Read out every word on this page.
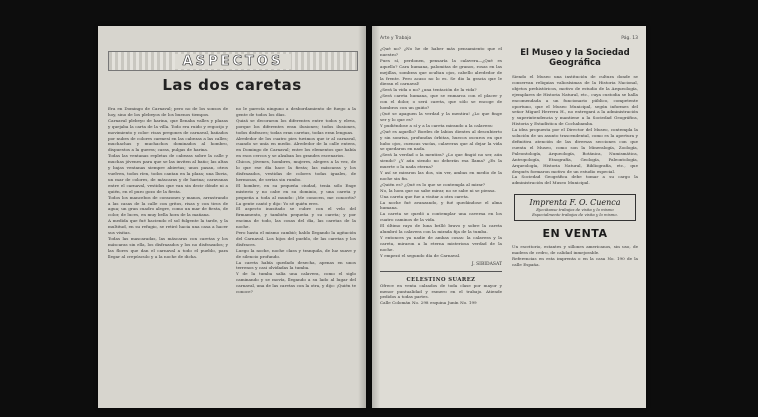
ASPECTOS
Las dos caretas

Era en Domingo de Carnaval; pero no de los sonsos de hoy, sino de los plebeyos de los buenos tiempos.

Carnaval plebeyo de harina, que llenaba valles y plazas y quejaba la carta de la villa. Todo era ruido y regocijo y movimiento y color: risas pregones de carnaval, bañados por nubes de colores carmesí en las cabezas a las calles; muchachas y muchachos dominados al hombro, dispuestos a la guerra; caras, pulgas de harina.

Todas las ventanas repletas de cabezas sobre la calle y muchas jóvenes para que se las inviten al baño; las altas y bajas ventanas siempre abiertas; unos pasan, otros vuelven, todos ríen, todos cantan en la plaza; una lluvia, un mar de colores, de máscaras y de harina; caravanas entre el carnaval, vestidos que van sin decir dónde ni a quién, en el puro gozo de la fiesta.

Todos los mancebos de corazones y manos, arrastrando a las casas de la calle con gritos, risas y con tiros de agua; un gran cuadro alegre, como un mar de fiesta, de color, de luces, en muy bella hora de la mañana.

A medida que fué haciendo el sol fulgente la tarde, y la multitud, en su refugio, se retiró hacia una casa a hacer sus visitas.

Todas las mascaradas, las máscaras con caretas y los máscaras sin ella, los disfrazados y los no disfrazados; y las flores que dan el carnaval a todo el pueblo, para llegar al crepúsculo y a la noche de dicha.

no le parecía ninguno a desbordamiento de fuego a la gente de todos los días.

Quizá se decoraron los diferentes entre todos y eleva, porque los diferentes eran ilusiones; todos ilusiones, todos disfraces; todas eran caretas, todas eran lenguas.

Alrededor de los cuatro pies tuvimos que ir al carnaval, cuando se unía en medio. Alrededor de la calle entera, en Domingo de Carnaval; entre los elementos que había en esos cercos y se alzaban los grandes escenarios.

Chicos, jóvenes, hombres, mujeres, alegres a la vez, de lo que ese día hace la fiesta; las máscaras y los disfrazados, vestidas de colores todas iguales, de hermosas, de serias sin rumbo.

El hombre, en su pequeña ciudad, tenía sólo Enge misterio y no cabe en su dominio, y una careta y pequeña a toda al mundo: ¡Me conocen, me conocéis? La gente cantó y dijo: Yo sé quién eres.

El aspecto inusitado se cubre con el velo del firmamento, y también pequeña y su careta; y por encima de todo, las cosas del día, las caretas de la noche.

Pero hasta el mismo cambió; hablo llegando la agitación del Carnaval. Los hijos del pueblo, de las caretas y los disfraces.

Luego la noche, noche clara y tranquila, de luz suave y de silencio profundo.

La careta había quedado desecha, apenas en unos terrenos y casi olvidadas la tumba.

Y de la tumba salía una calavera, como el siglo caminando y se movía, llegando a su lado al lugar del carnaval, una de las caretas con la otra, y dijo: ¡Quién te conoce?

Arte y Trabajo	Pág. 13

¿Qué no? ¿No he de haber más pensamiento que el nuestro?

Pues sí, perdonen, pensaría la calavera—¿Qué es aquello? Cara humana, palomitas de granos, rosas en las mejillas, sombras que ocultan ojos, cabello alrededor de la frente. Pero acaso no lo es. Se dio la gracia que le dieran el carnaval!

¿Será la vida o no? ¿una tentación de la vida?

¿Será careta humana, que se enmarca con el placer y con el dolor, o será careta, que sólo se encoge de hombros con un guiño?

¡Qué se apaguen la verdad y la mentira! ¿Lo que finge ser y lo que es?

Y pudiéndose a sí y a la careta mirando a la calavera:

¿Qué es aquello? Bordes de labios dientes al descubierto y sin sonrisa, profundas órbitas, huecos oscuros en que hubo ojos, cuencas vacías, calaveras que al dejar la vida se quedaron en nada.

¿Será la verdad o la mentira? ¿Lo que fingió no ser, aún siendo? ¿Y aún siendo no deberán esa llama? ¿Es la muerte o la nada eterna?

Y así se miraron las dos, sin ver, ambas en medio de la noche sin fin.

¿Quién es? ¿Qué es lo que se contempla al mirar?

No, la hora que no sabe mirar, no se sabe ni se piensa.

Una careta que fue a visitar a otra careta.

La noche fué avanzando, y fué quedándose el alma humana.

La careta se quedó a contemplar una caverna en los cuatro caminos de la vida.

El último rayo de luna brilló bravo y sobre la careta alumbró la calavera con la mirada fija de la tumba.

Y entonces ya nadie de ambas cosas: la calavera y la careta, miraron a la eterna misteriosa verdad de la noche.

Y empezó el segundo día de Carnaval.

J. SIBIDASAT
CELESTINO SUAREZ

Ofrece en venta calzados de toda clase por mayor y menor puntualidad y esmero en el trabajo. Atiende pedidos a todas partes.

Calle Colomán No. 298 esquina Junín No. 199

El Museo y la Sociedad Geográfica

Siendo el Museo una institución de cultura donde se conservan reliquias valiosísimas de la Historia Nacional, objetos prehistóricos, motivo de estudio de la Arqueología, ejemplares de Historia Natural, etc., cuya custodia se halla encomendada a un funcionario público, competente oportuno, que el Museo Municipal, según informes del señor Miguel Herrera H., no entregará a la administración y superintendencia y mantiene a la Sociedad Geográfica, Historia y Estadística de Cochabamba.

La idea propuesta por el Director del Museo, contempla la solución de un asunto trascendental, como es la apertura y definitiva atención de las diversas secciones con que cuenta el Museo, como son la Mineralogía, Zoología, Paleontología, Arqueología, Botánica, Numismática, Antropología, Etnografía, Geología, Paleontología, Arqueología, Historia Natural, Bibliografía, etc., que después formaron motivo de un estudio especial.

La Sociedad Geográfica debe tomar a su cargo la administración del Museo Municipal.

Imprenta F. O. Cuenca
Ejecútanse trabajos de visita y lo mismo
Especialmente trabajos de visita y lo mismo.
EN VENTA

Un escritorio, estantes y sillones americanos, sin uso, de madera de cedro, de calidad inmejorable.

Referencias en esta imprenta o en la casa No. 190 de la calle España.
